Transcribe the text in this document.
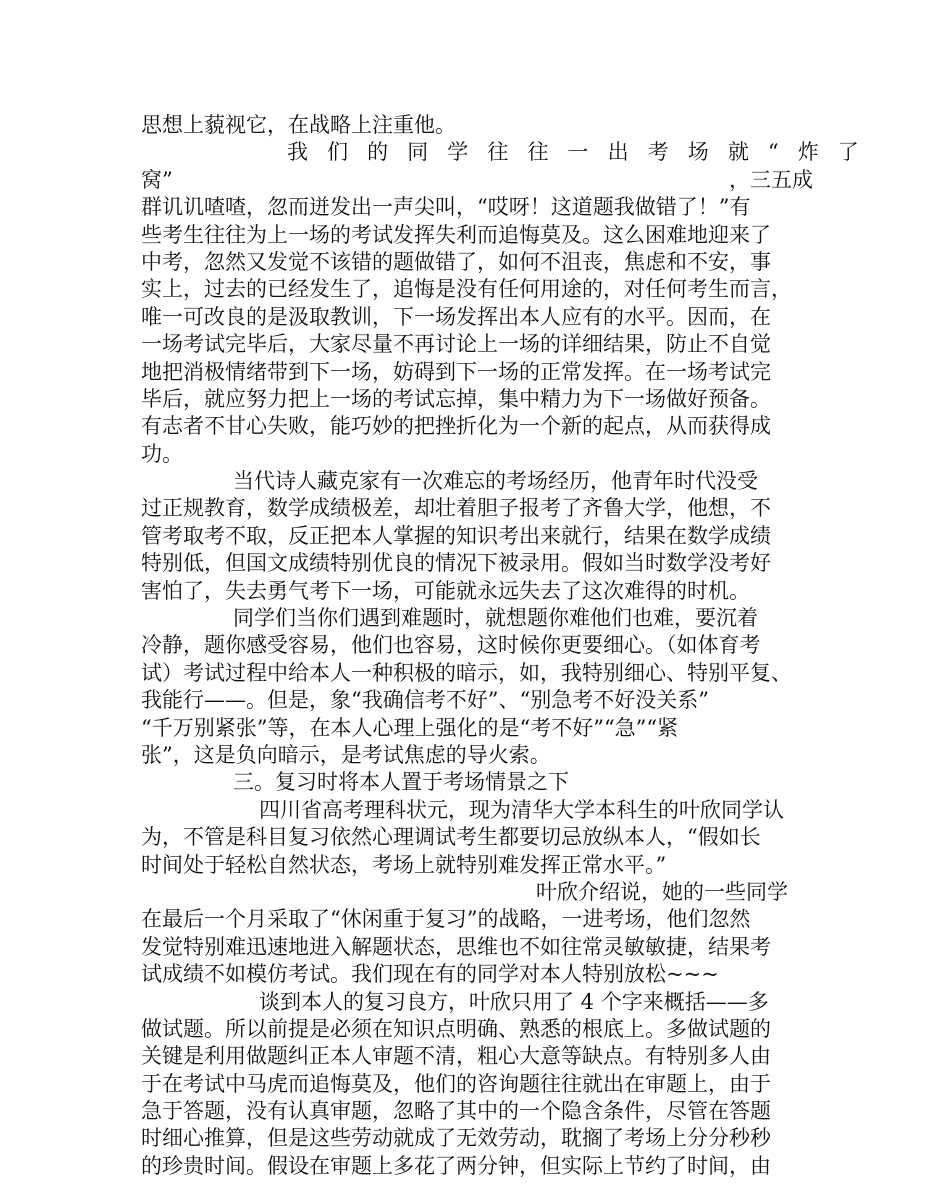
思想上藐视它，在战略上注重他。
我 们 的 同 学 往 往 一 出 考 场 就 “ 炸 了
窝”	，三五成
群讥讥喳喳，忽而迸发出一声尖叫，“哎呀！这道题我做错了！”有
些考生往往为上一场的考试发挥失利而追悔莫及。这么困难地迎来了
中考，忽然又发觉不该错的题做错了，如何不沮丧，焦虑和不安，事
实上，过去的已经发生了，追悔是没有任何用途的，对任何考生而言，
唯一可改良的是汲取教训，下一场发挥出本人应有的水平。因而，在
一场考试完毕后，大家尽量不再讨论上一场的详细结果，防止不自觉
地把消极情绪带到下一场，妨碍到下一场的正常发挥。在一场考试完
毕后，就应努力把上一场的考试忘掉，集中精力为下一场做好预备。
有志者不甘心失败，能巧妙的把挫折化为一个新的起点，从而获得成
功。
当代诗人藏克家有一次难忘的考场经历，他青年时代没受
过正规教育，数学成绩极差，却壮着胆子报考了齐鲁大学，他想，不
管考取考不取，反正把本人掌握的知识考出来就行，结果在数学成绩
特别低，但国文成绩特别优良的情况下被录用。假如当时数学没考好
害怕了，失去勇气考下一场，可能就永远失去了这次难得的时机。
同学们当你们遇到难题时，就想题你难他们也难，要沉着
冷静，题你感受容易，他们也容易，这时候你更要细心。（如体育考
试）考试过程中给本人一种积极的暗示，如，我特别细心、特别平复、
我能行——。但是，象“我确信考不好”、“别急考不好没关系”
“千万别紧张”等，在本人心理上强化的是“考不好”“急”“紧
张”，这是负向暗示，是考试焦虑的导火索。
三。复习时将本人置于考场情景之下
四川省高考理科状元，现为清华大学本科生的叶欣同学认
为，不管是科目复习依然心理调试考生都要切忌放纵本人，“假如长
时间处于轻松自然状态，考场上就特别难发挥正常水平。”
叶欣介绍说，她的一些同学
在最后一个月采取了“休闲重于复习”的战略，一进考场，他们忽然
发觉特别难迅速地进入解题状态，思维也不如往常灵敏敏捷，结果考
试成绩不如模仿考试。我们现在有的同学对本人特别放松~~~
谈到本人的复习良方，叶欣只用了 4 个字来概括——多
做试题。所以前提是必须在知识点明确、熟悉的根底上。多做试题的
关键是利用做题纠正本人审题不清，粗心大意等缺点。有特别多人由
于在考试中马虎而追悔莫及，他们的咨询题往往就出在审题上，由于
急于答题，没有认真审题，忽略了其中的一个隐含条件，尽管在答题
时细心推算，但是这些劳动就成了无效劳动，耽搁了考场上分分秒秒
的珍贵时间。假设在审题上多花了两分钟，但实际上节约了时间，由
